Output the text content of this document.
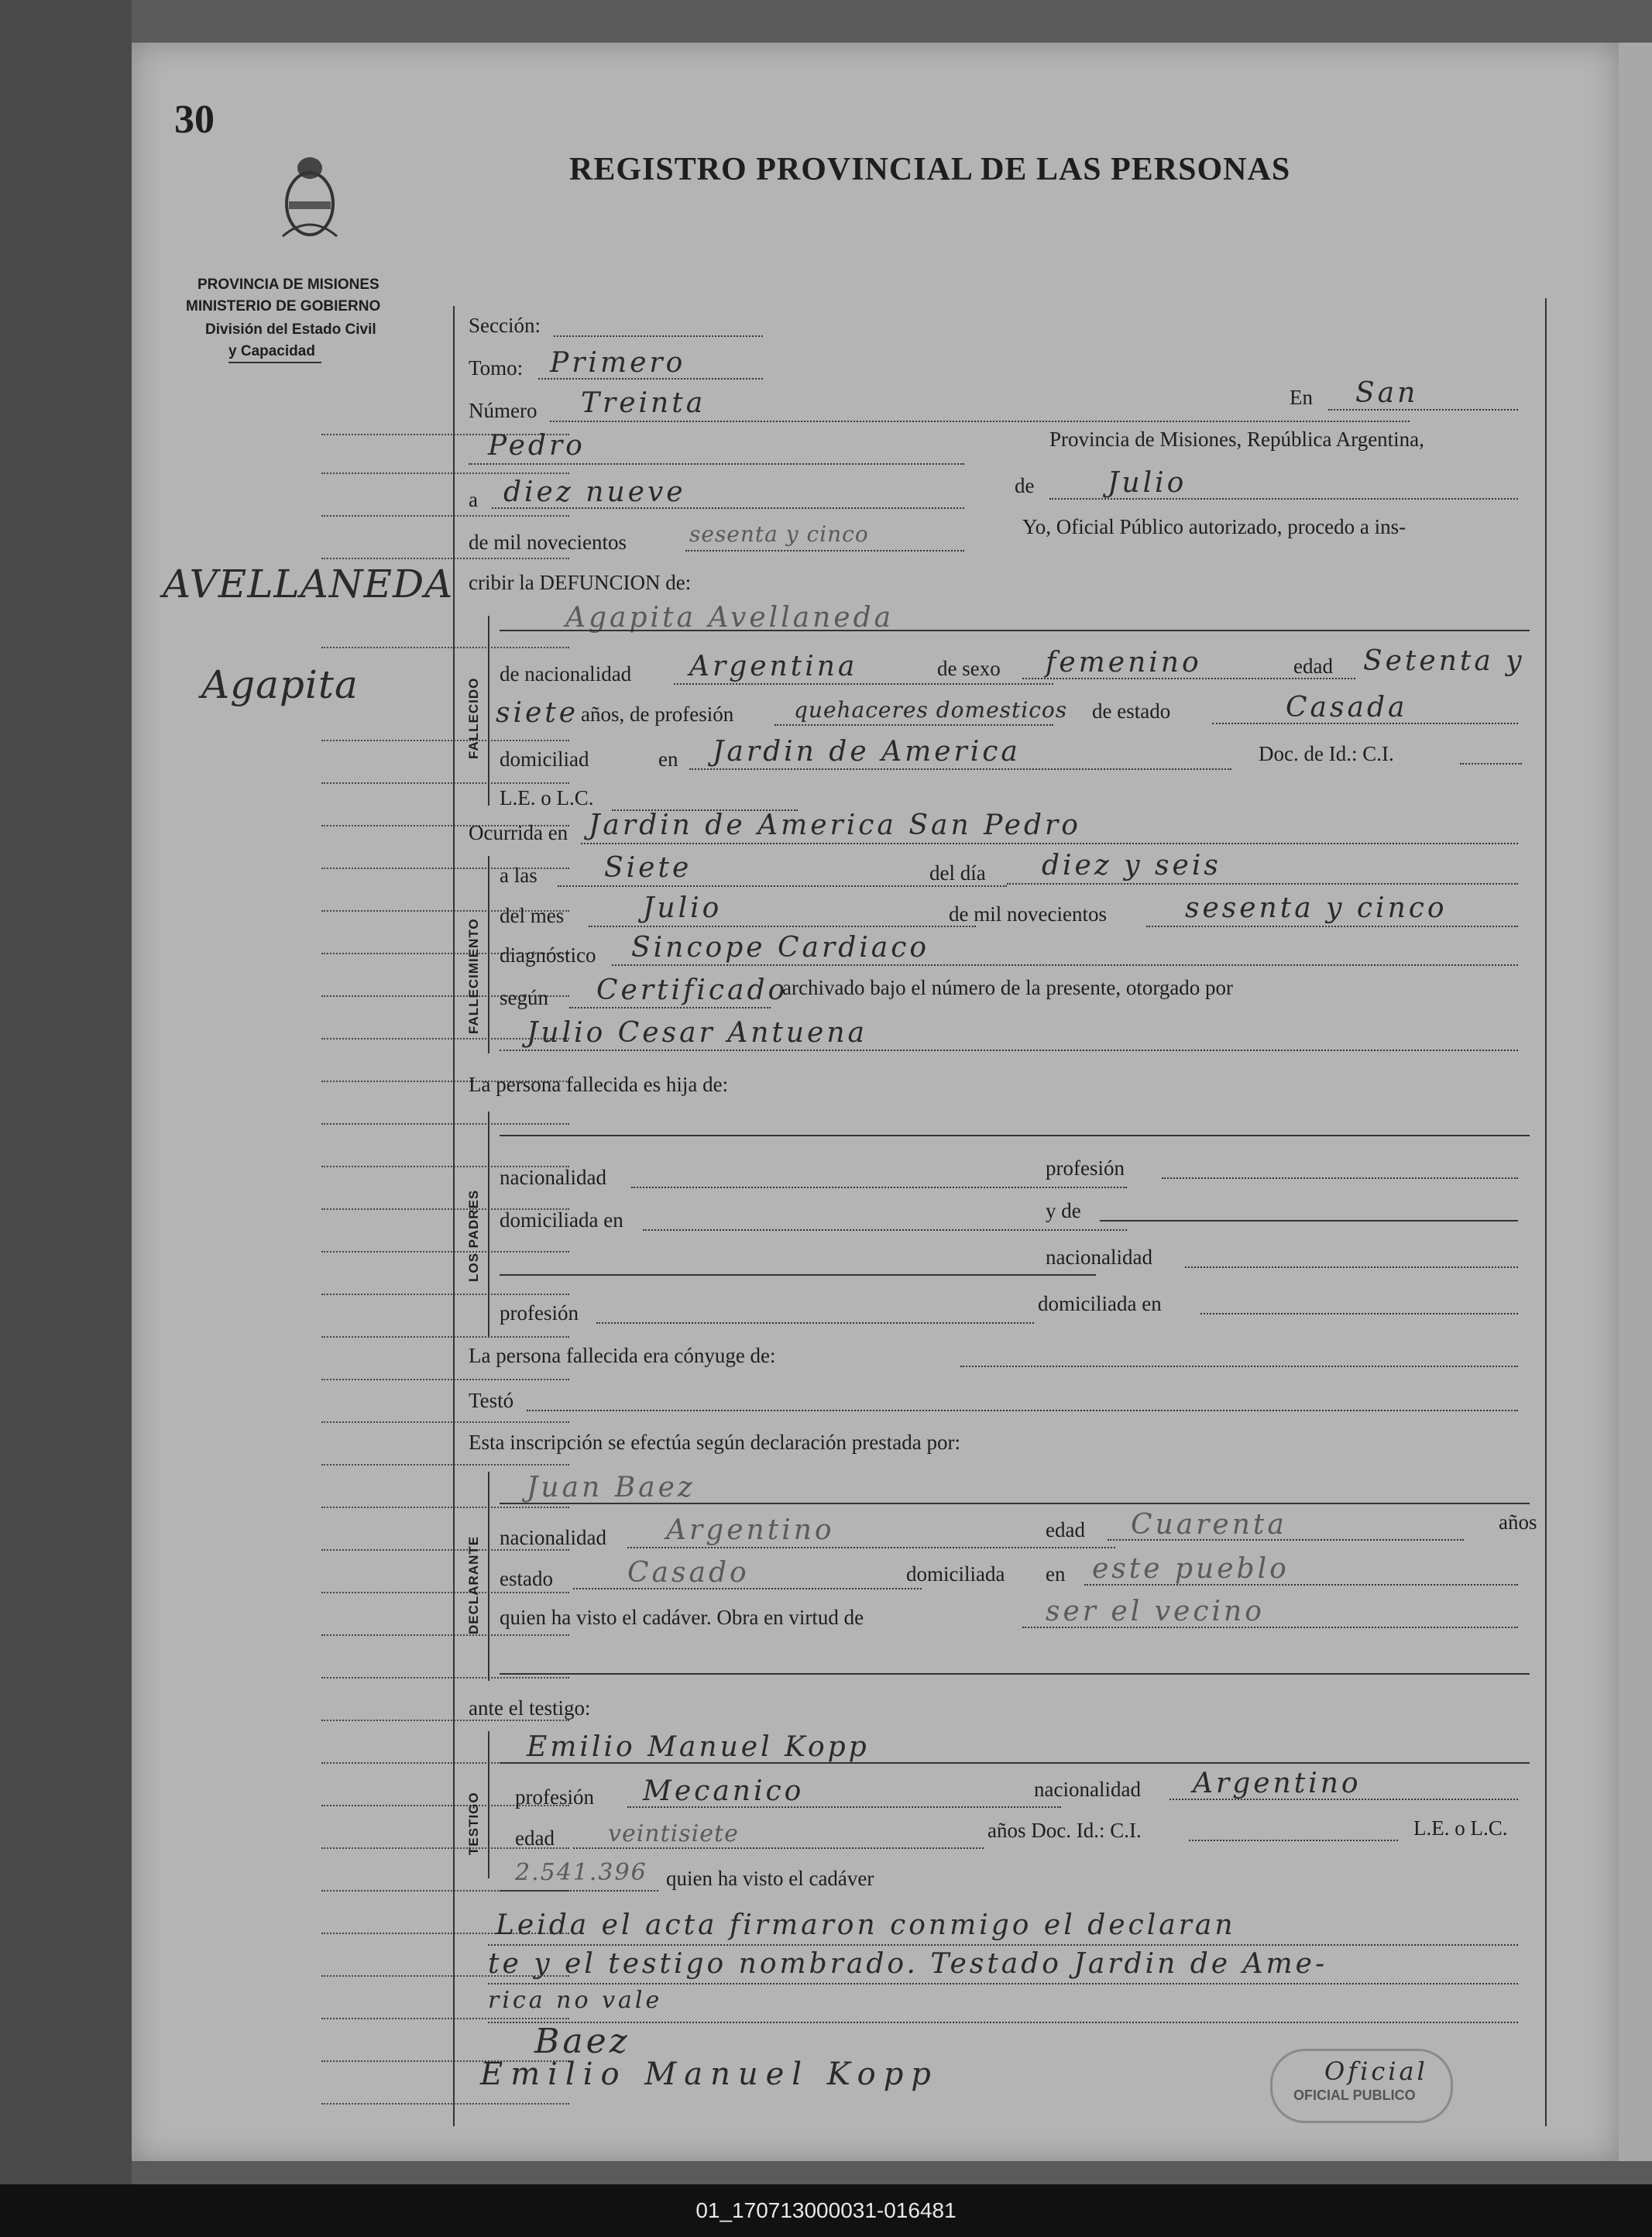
30
PROVINCIA DE MISIONES
MINISTERIO DE GOBIERNO
División del Estado Civil
y Capacidad
REGISTRO PROVINCIAL DE LAS PERSONAS
AVELLANEDA
Agapita
Sección:
Tomo: Primero
Número Treinta	En San
Pedro	Provincia de Misiones, República Argentina,
a diez nueve	de	Julio
de mil novecientos	sesenta y cinco	Yo, Oficial Público autorizado, procedo a ins-
cribir la DEFUNCION de:
FALLECIDO
Agapita Avellaneda
de nacionalidad Argentina	de sexo femenino	edad Setenta y
siete años, de profesión	quehaceres domesticos de estado	Casada
domiciliad	en Jardin de America	Doc. de Id.: C.I.
L.E. o L.C.
Ocurrida en Jardin de America San Pedro
FALLECIMIENTO
a las Siete	del día diez y seis
del mes	Julio	de mil novecientos	sesenta y cinco
diagnóstico Sincope Cardiaco
según Certificado
archivado bajo el número de la presente, otorgado por
Julio Cesar Antuena
La persona fallecida es hija de:
LOS PADRES
nacionalidad	profesión
domiciliada en	y de
nacionalidad
profesión	domiciliada en
La persona fallecida era cónyuge de:
Testó
Esta inscripción se efectúa según declaración prestada por:
DECLARANTE
Juan Baez
nacionalidad Argentino	edad Cuarenta	años
estado	Casado	domiciliada en este pueblo
quien ha visto el cadáver. Obra en virtud de	ser el vecino
ante el testigo:
TESTIGO
Emilio Manuel Kopp
profesión Mecanico	nacionalidad Argentino
edad veintisiete	años Doc. Id.: C.I.	L.E. o L.C.
2.541.396 quien ha visto el cadáver
Leida el acta firmaron conmigo el declaran
te y el testigo nombrado. Testado Jardin de Ame-
rica no vale
Baez
Emilio Manuel Kopp	Oficial
OFICIAL PUBLICO
01_170713000031-016481
